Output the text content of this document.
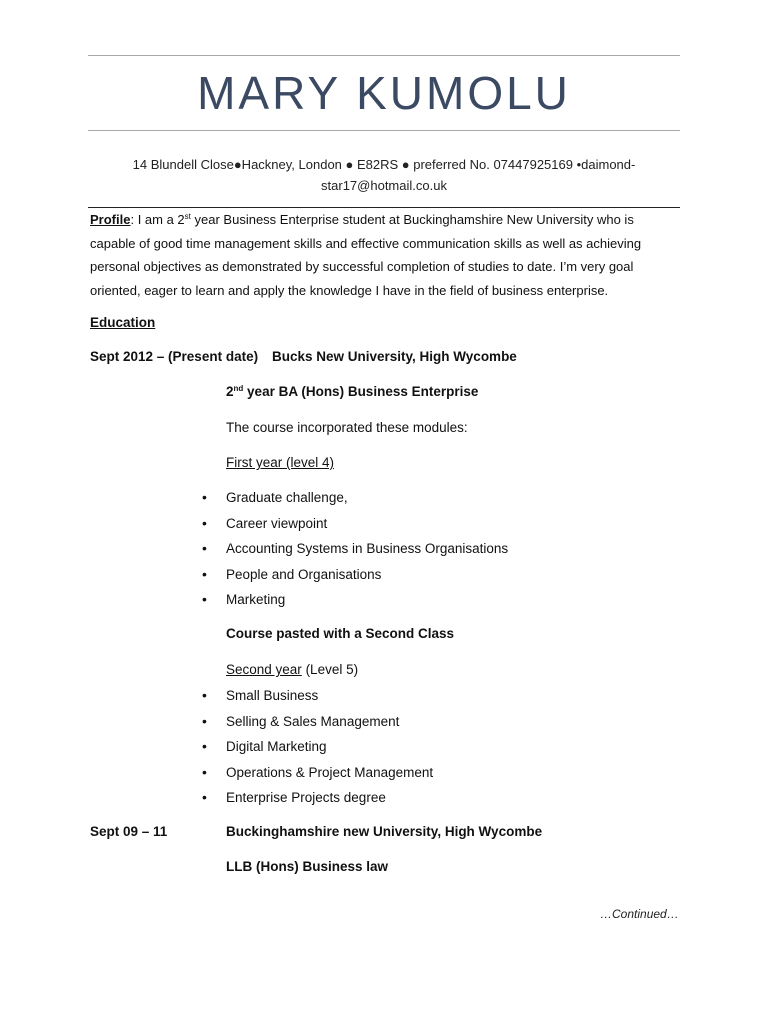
MARY KUMOLU
14 Blundell Close●Hackney, London ● E82RS ● preferred No. 07447925169 •daimond-
star17@hotmail.co.uk
Profile: I am a 2st year Business Enterprise student at Buckinghamshire New University who is capable of good time management skills and effective communication skills as well as achieving personal objectives as demonstrated by successful completion of studies to date. I’m very goal oriented, eager to learn and apply the knowledge I have in the field of business enterprise.
Education
Sept 2012 – (Present date) Bucks New University, High Wycombe
2nd year BA (Hons) Business Enterprise
The course incorporated these modules:
First year (level 4)
• Graduate challenge,
• Career viewpoint
• Accounting Systems in Business Organisations
• People and Organisations
• Marketing
Course pasted with a Second Class
Second year (Level 5)
• Small Business
• Selling & Sales Management
• Digital Marketing
• Operations & Project Management
• Enterprise Projects degree
Sept 09 – 11	Buckinghamshire new University, High Wycombe
LLB (Hons) Business law
…Continued…
